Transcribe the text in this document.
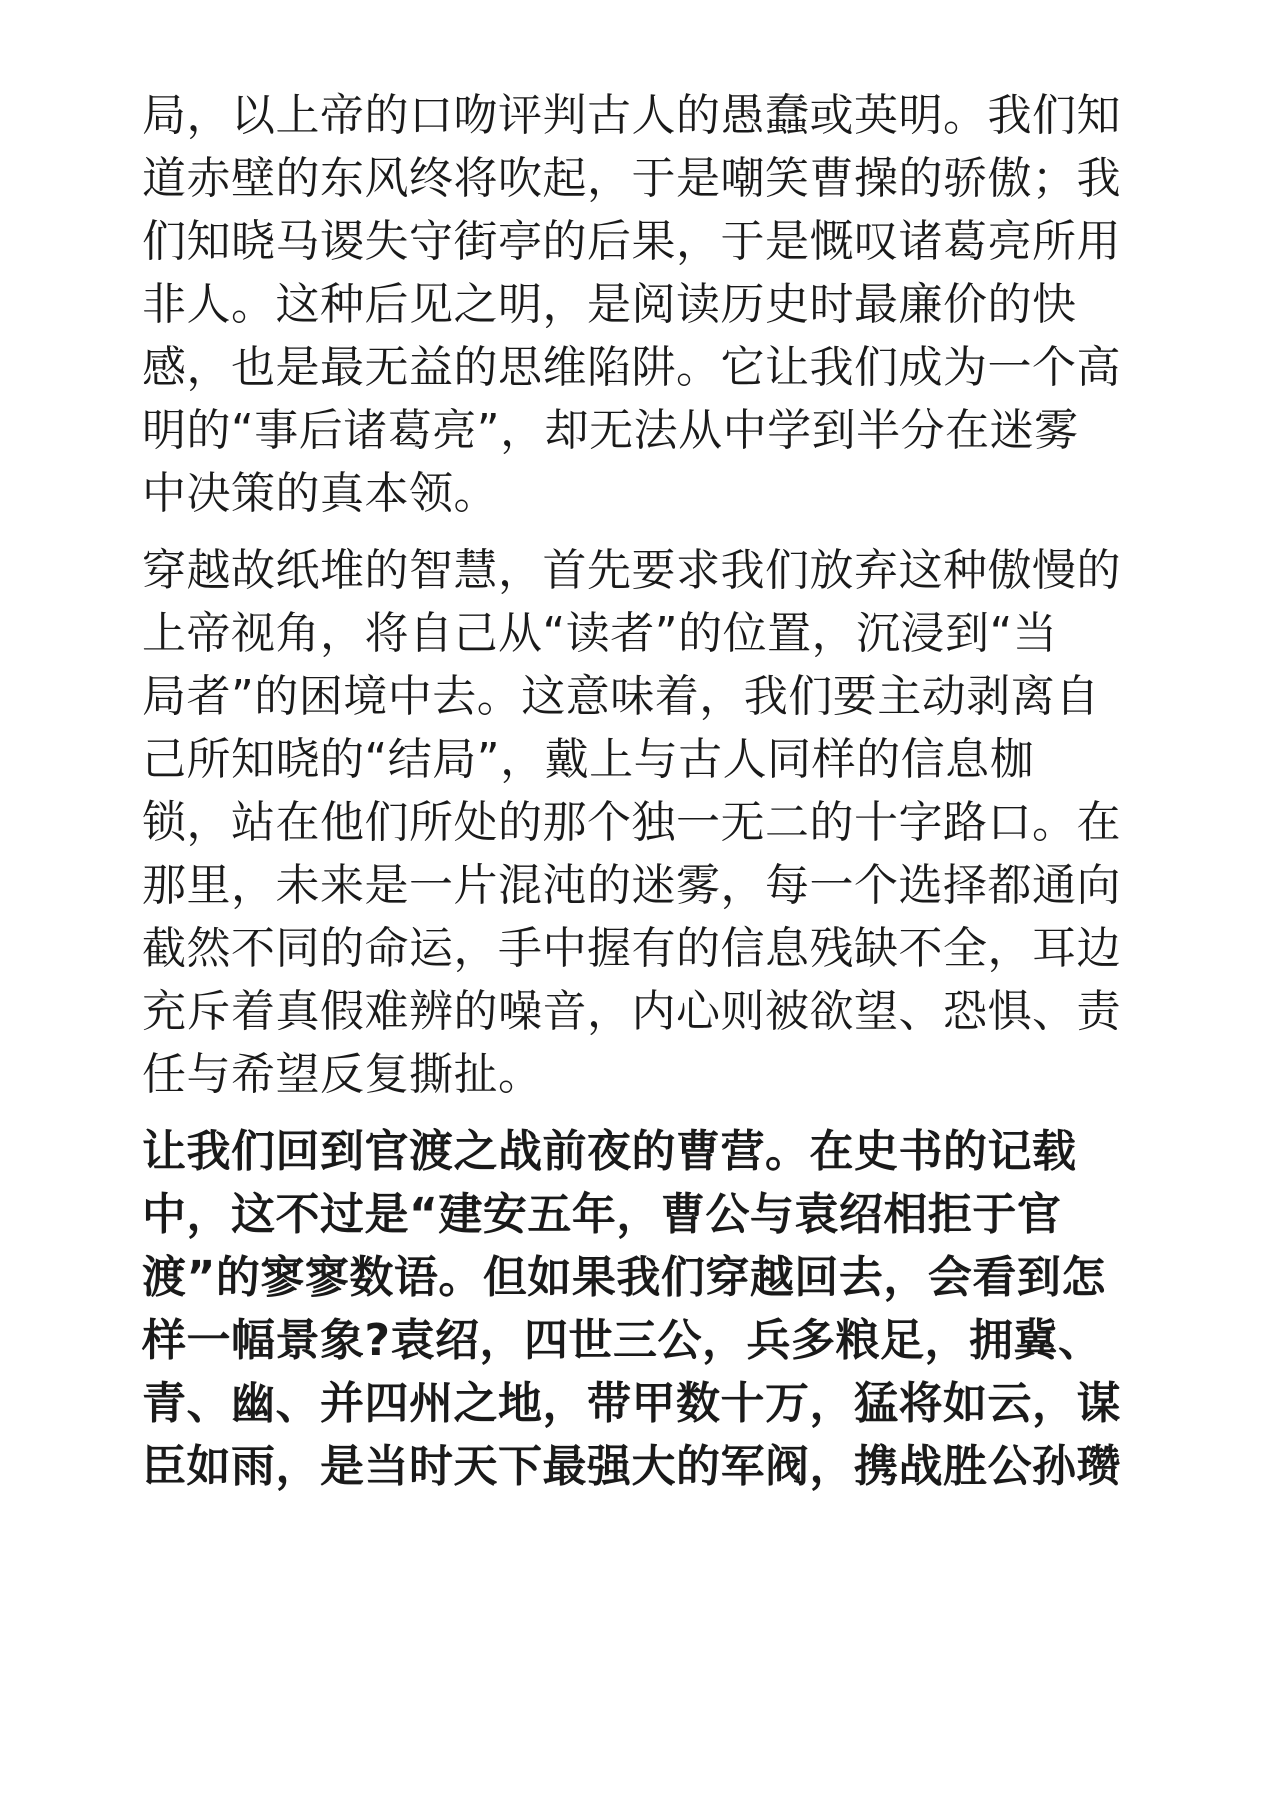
局，以上帝的口吻评判古人的愚蠢或英明。我们知
道赤壁的东风终将吹起，于是嘲笑曹操的骄傲；我
们知晓马谡失守街亭的后果，于是慨叹诸葛亮所用
非人。这种后见之明，是阅读历史时最廉价的快
感，也是最无益的思维陷阱。它让我们成为一个高
明的“事后诸葛亮”，却无法从中学到半分在迷雾
中决策的真本领。
穿越故纸堆的智慧，首先要求我们放弃这种傲慢的
上帝视角，将自己从“读者”的位置，沉浸到“当
局者”的困境中去。这意味着，我们要主动剥离自
己所知晓的“结局”，戴上与古人同样的信息枷
锁，站在他们所处的那个独一无二的十字路口。在
那里，未来是一片混沌的迷雾，每一个选择都通向
截然不同的命运，手中握有的信息残缺不全，耳边
充斥着真假难辨的噪音，内心则被欲望、恐惧、责
任与希望反复撕扯。
让我们回到官渡之战前夜的曹营。在史书的记载
中，这不过是“建安五年，曹公与袁绍相拒于官
渡”的寥寥数语。但如果我们穿越回去，会看到怎
样一幅景象?袁绍，四世三公，兵多粮足，拥冀、
青、幽、并四州之地，带甲数十万，猛将如云，谋
臣如雨，是当时天下最强大的军阀，携战胜公孙瓒
